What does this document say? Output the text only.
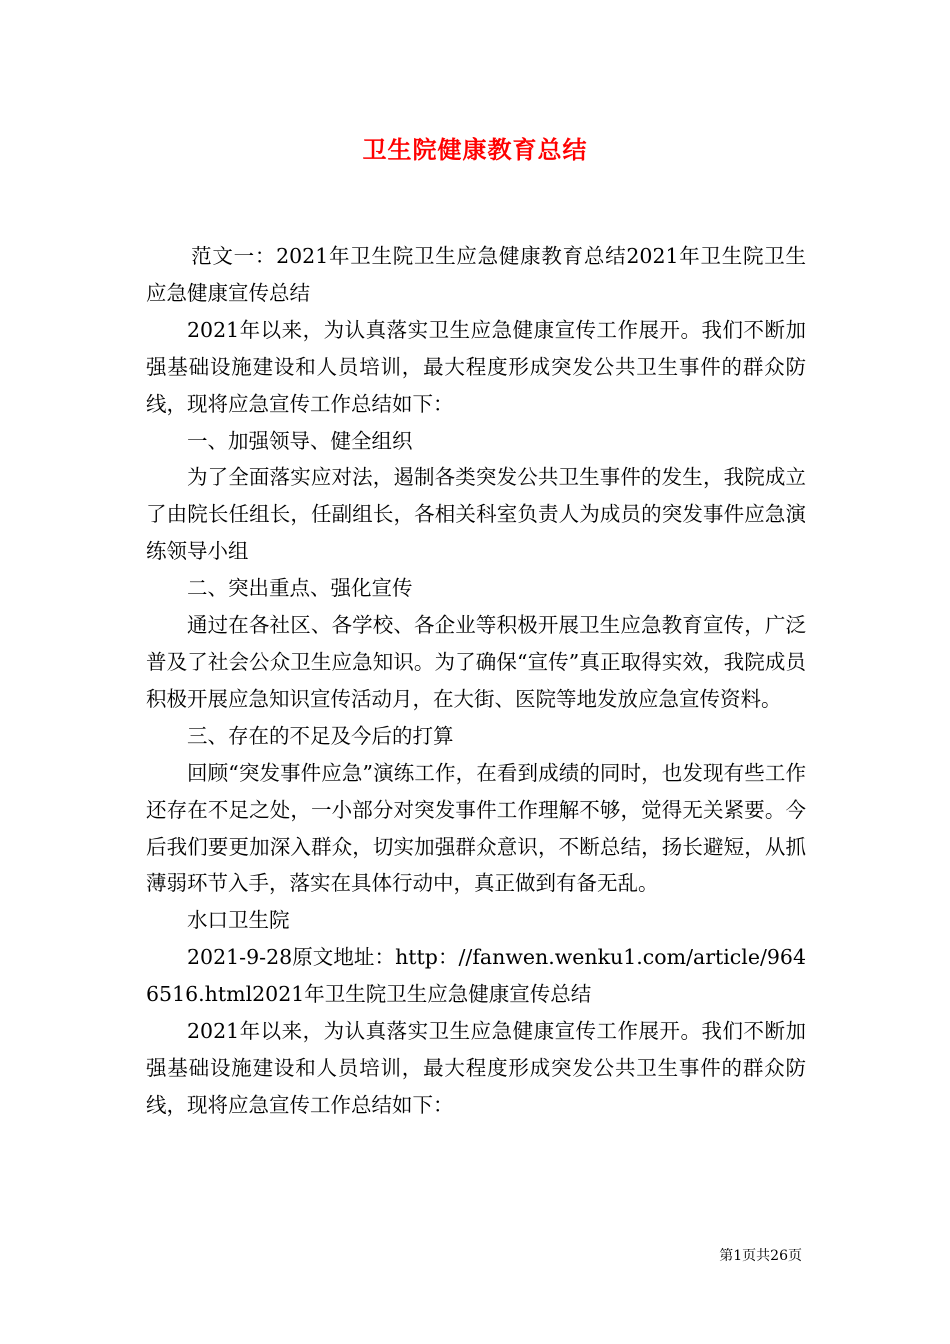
卫生院健康教育总结

范文一：2021年卫生院卫生应急健康教育总结2021年卫生院卫生应急健康宣传总结

2021年以来，为认真落实卫生应急健康宣传工作展开。我们不断加强基础设施建设和人员培训，最大程度形成突发公共卫生事件的群众防线，现将应急宣传工作总结如下：

一、加强领导、健全组织

为了全面落实应对法，遏制各类突发公共卫生事件的发生，我院成立了由院长任组长，任副组长，各相关科室负责人为成员的突发事件应急演练领导小组

二、突出重点、强化宣传

通过在各社区、各学校、各企业等积极开展卫生应急教育宣传，广泛普及了社会公众卫生应急知识。为了确保“宣传”真正取得实效，我院成员积极开展应急知识宣传活动月，在大街、医院等地发放应急宣传资料。

三、存在的不足及今后的打算

回顾“突发事件应急”演练工作，在看到成绩的同时，也发现有些工作还存在不足之处，一小部分对突发事件工作理解不够，觉得无关紧要。今后我们要更加深入群众，切实加强群众意识，不断总结，扬长避短，从抓薄弱环节入手，落实在具体行动中，真正做到有备无乱。

水口卫生院

2021-9-28原文地址：http：//fanwen.wenku1.com/article/9646516.html2021年卫生院卫生应急健康宣传总结

2021年以来，为认真落实卫生应急健康宣传工作展开。我们不断加强基础设施建设和人员培训，最大程度形成突发公共卫生事件的群众防线，现将应急宣传工作总结如下：

第1页共26页
